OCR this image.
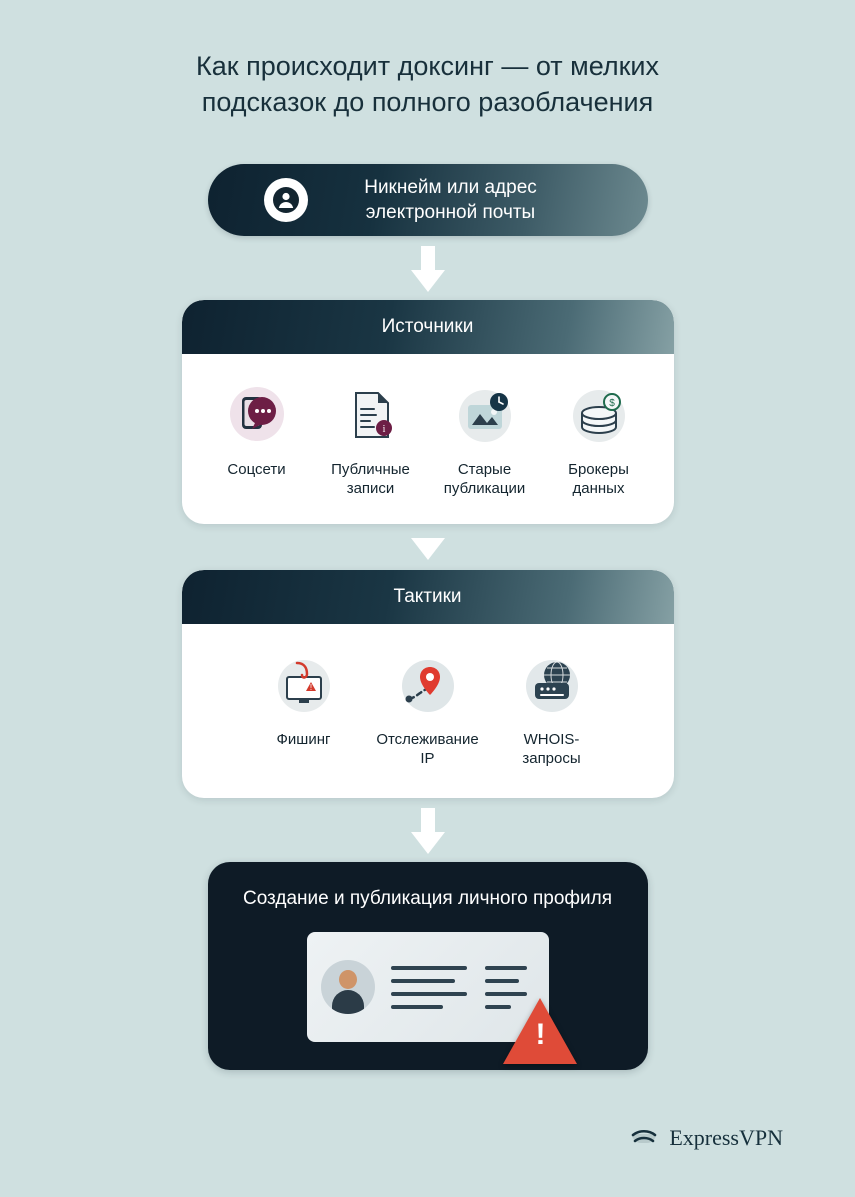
Как происходит доксинг — от мелких
подсказок до полного разоблачения
Никнейм или адрес
электронной почты
Источники
Соцсети
i
Публичные
записи
Старые
публикации
$
Брокеры
данных
Тактики
!
Фишинг	Отслеживание
IP
WHOIS-
запросы
Создание и публикация личного профиля
!
ExpressVPN
